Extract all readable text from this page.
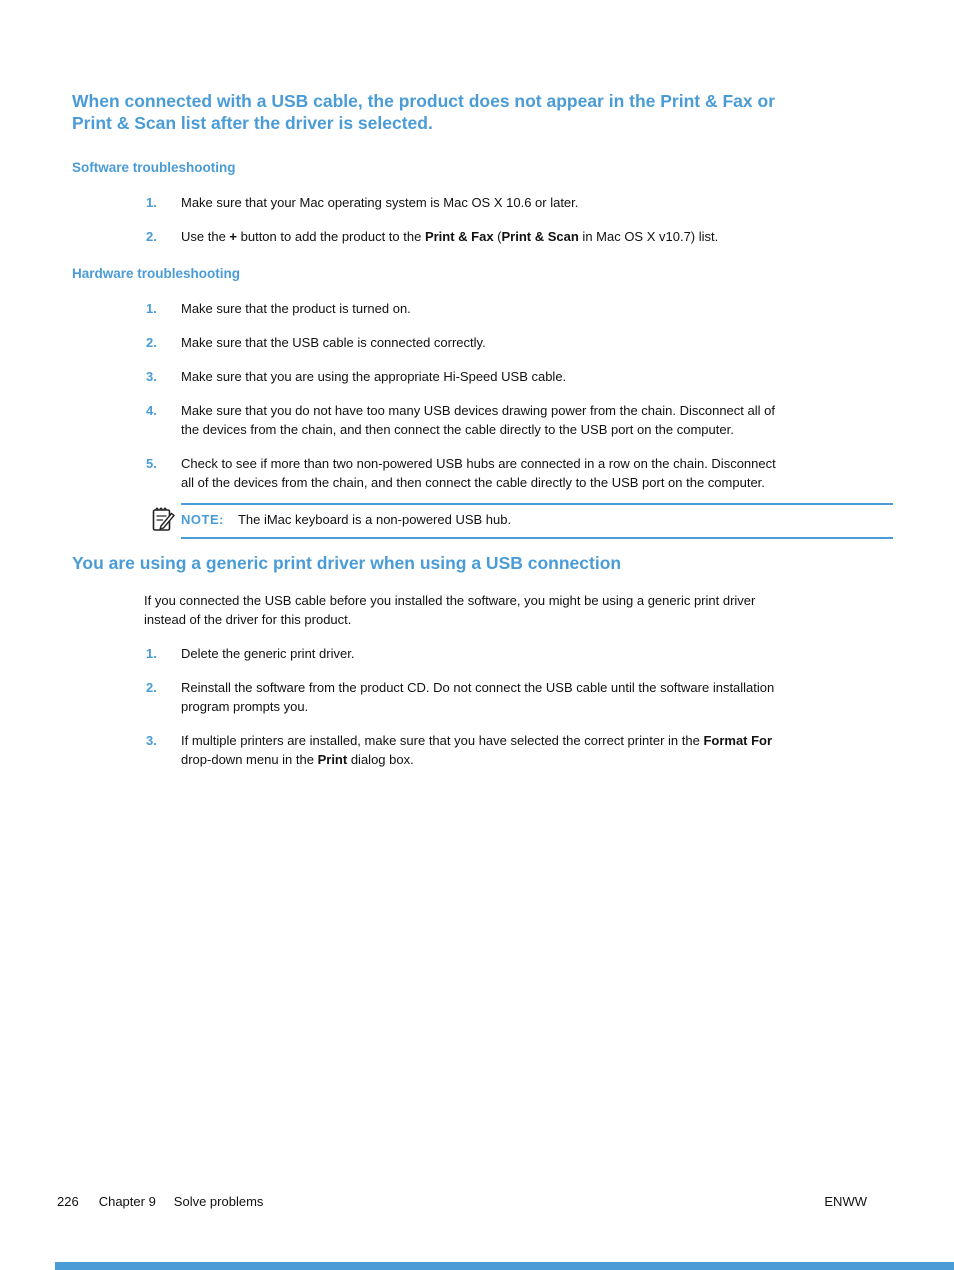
When connected with a USB cable, the product does not appear in the Print & Fax or
Print & Scan list after the driver is selected.
Software troubleshooting
1.	Make sure that your Mac operating system is Mac OS X 10.6 or later.
2.	Use the + button to add the product to the Print & Fax (Print & Scan in Mac OS X v10.7) list.
Hardware troubleshooting
1.	Make sure that the product is turned on.
2.	Make sure that the USB cable is connected correctly.
3.	Make sure that you are using the appropriate Hi-Speed USB cable.
4.	Make sure that you do not have too many USB devices drawing power from the chain. Disconnect all of
the devices from the chain, and then connect the cable directly to the USB port on the computer.
5.	Check to see if more than two non-powered USB hubs are connected in a row on the chain. Disconnect
all of the devices from the chain, and then connect the cable directly to the USB port on the computer.
NOTE: The iMac keyboard is a non-powered USB hub.
You are using a generic print driver when using a USB connection

If you connected the USB cable before you installed the software, you might be using a generic print driver
instead of the driver for this product.

1.	Delete the generic print driver.
2.	Reinstall the software from the product CD. Do not connect the USB cable until the software installation
program prompts you.
3.	If multiple printers are installed, make sure that you have selected the correct printer in the Format For
drop-down menu in the Print dialog box.
226 Chapter 9 Solve problems	ENWW
